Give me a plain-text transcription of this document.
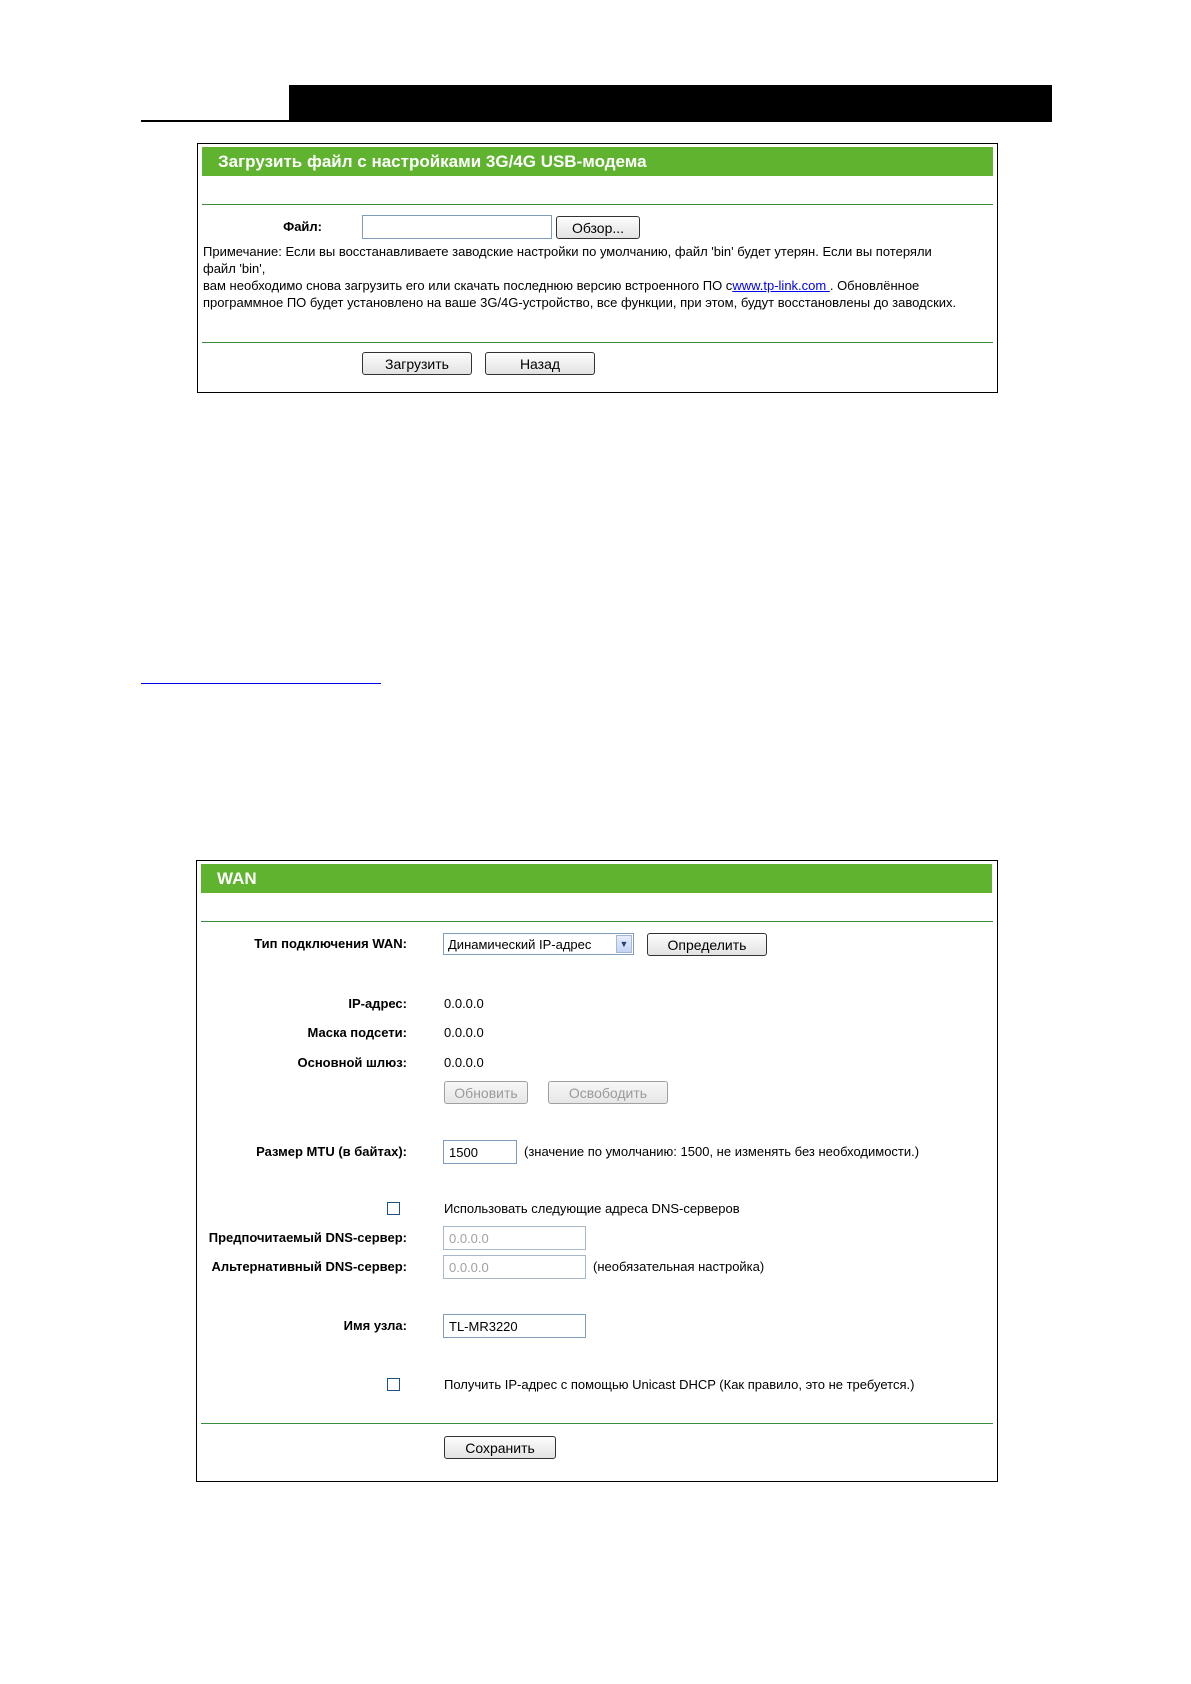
Загрузить файл с настройками 3G/4G USB-модема
Файл:	Обзор...
Примечание: Если вы восстанавливаете заводские настройки по умолчанию, файл 'bin' будет утерян. Если вы потеряли
файл 'bin',
вам необходимо снова загрузить его или скачать последнюю версию встроенного ПО сwww.tp-link.com . Обновлённое
программное ПО будет установлено на ваше 3G/4G-устройство, все функции, при этом, будут восстановлены до заводских.
Загрузить	Назад
WAN
Тип подключения WAN:	Динамический IP-адрес	▼	Определить
IP-адрес:	0.0.0.0
Маска подсети:	0.0.0.0
Основной шлюз:	0.0.0.0
Обновить	Освободить
Размер MTU (в байтах):
1500	(значение по умолчанию: 1500, не изменять без необходимости.)
Использовать следующие адреса DNS-серверов
Предпочитаемый DNS-сервер:
0.0.0.0
Альтернативный DNS-сервер:
0.0.0.0	(необязательная настройка)
Имя узла:
TL-MR3220
Получить IP-адрес с помощью Unicast DHCP (Как правило, это не требуется.)
Сохранить
